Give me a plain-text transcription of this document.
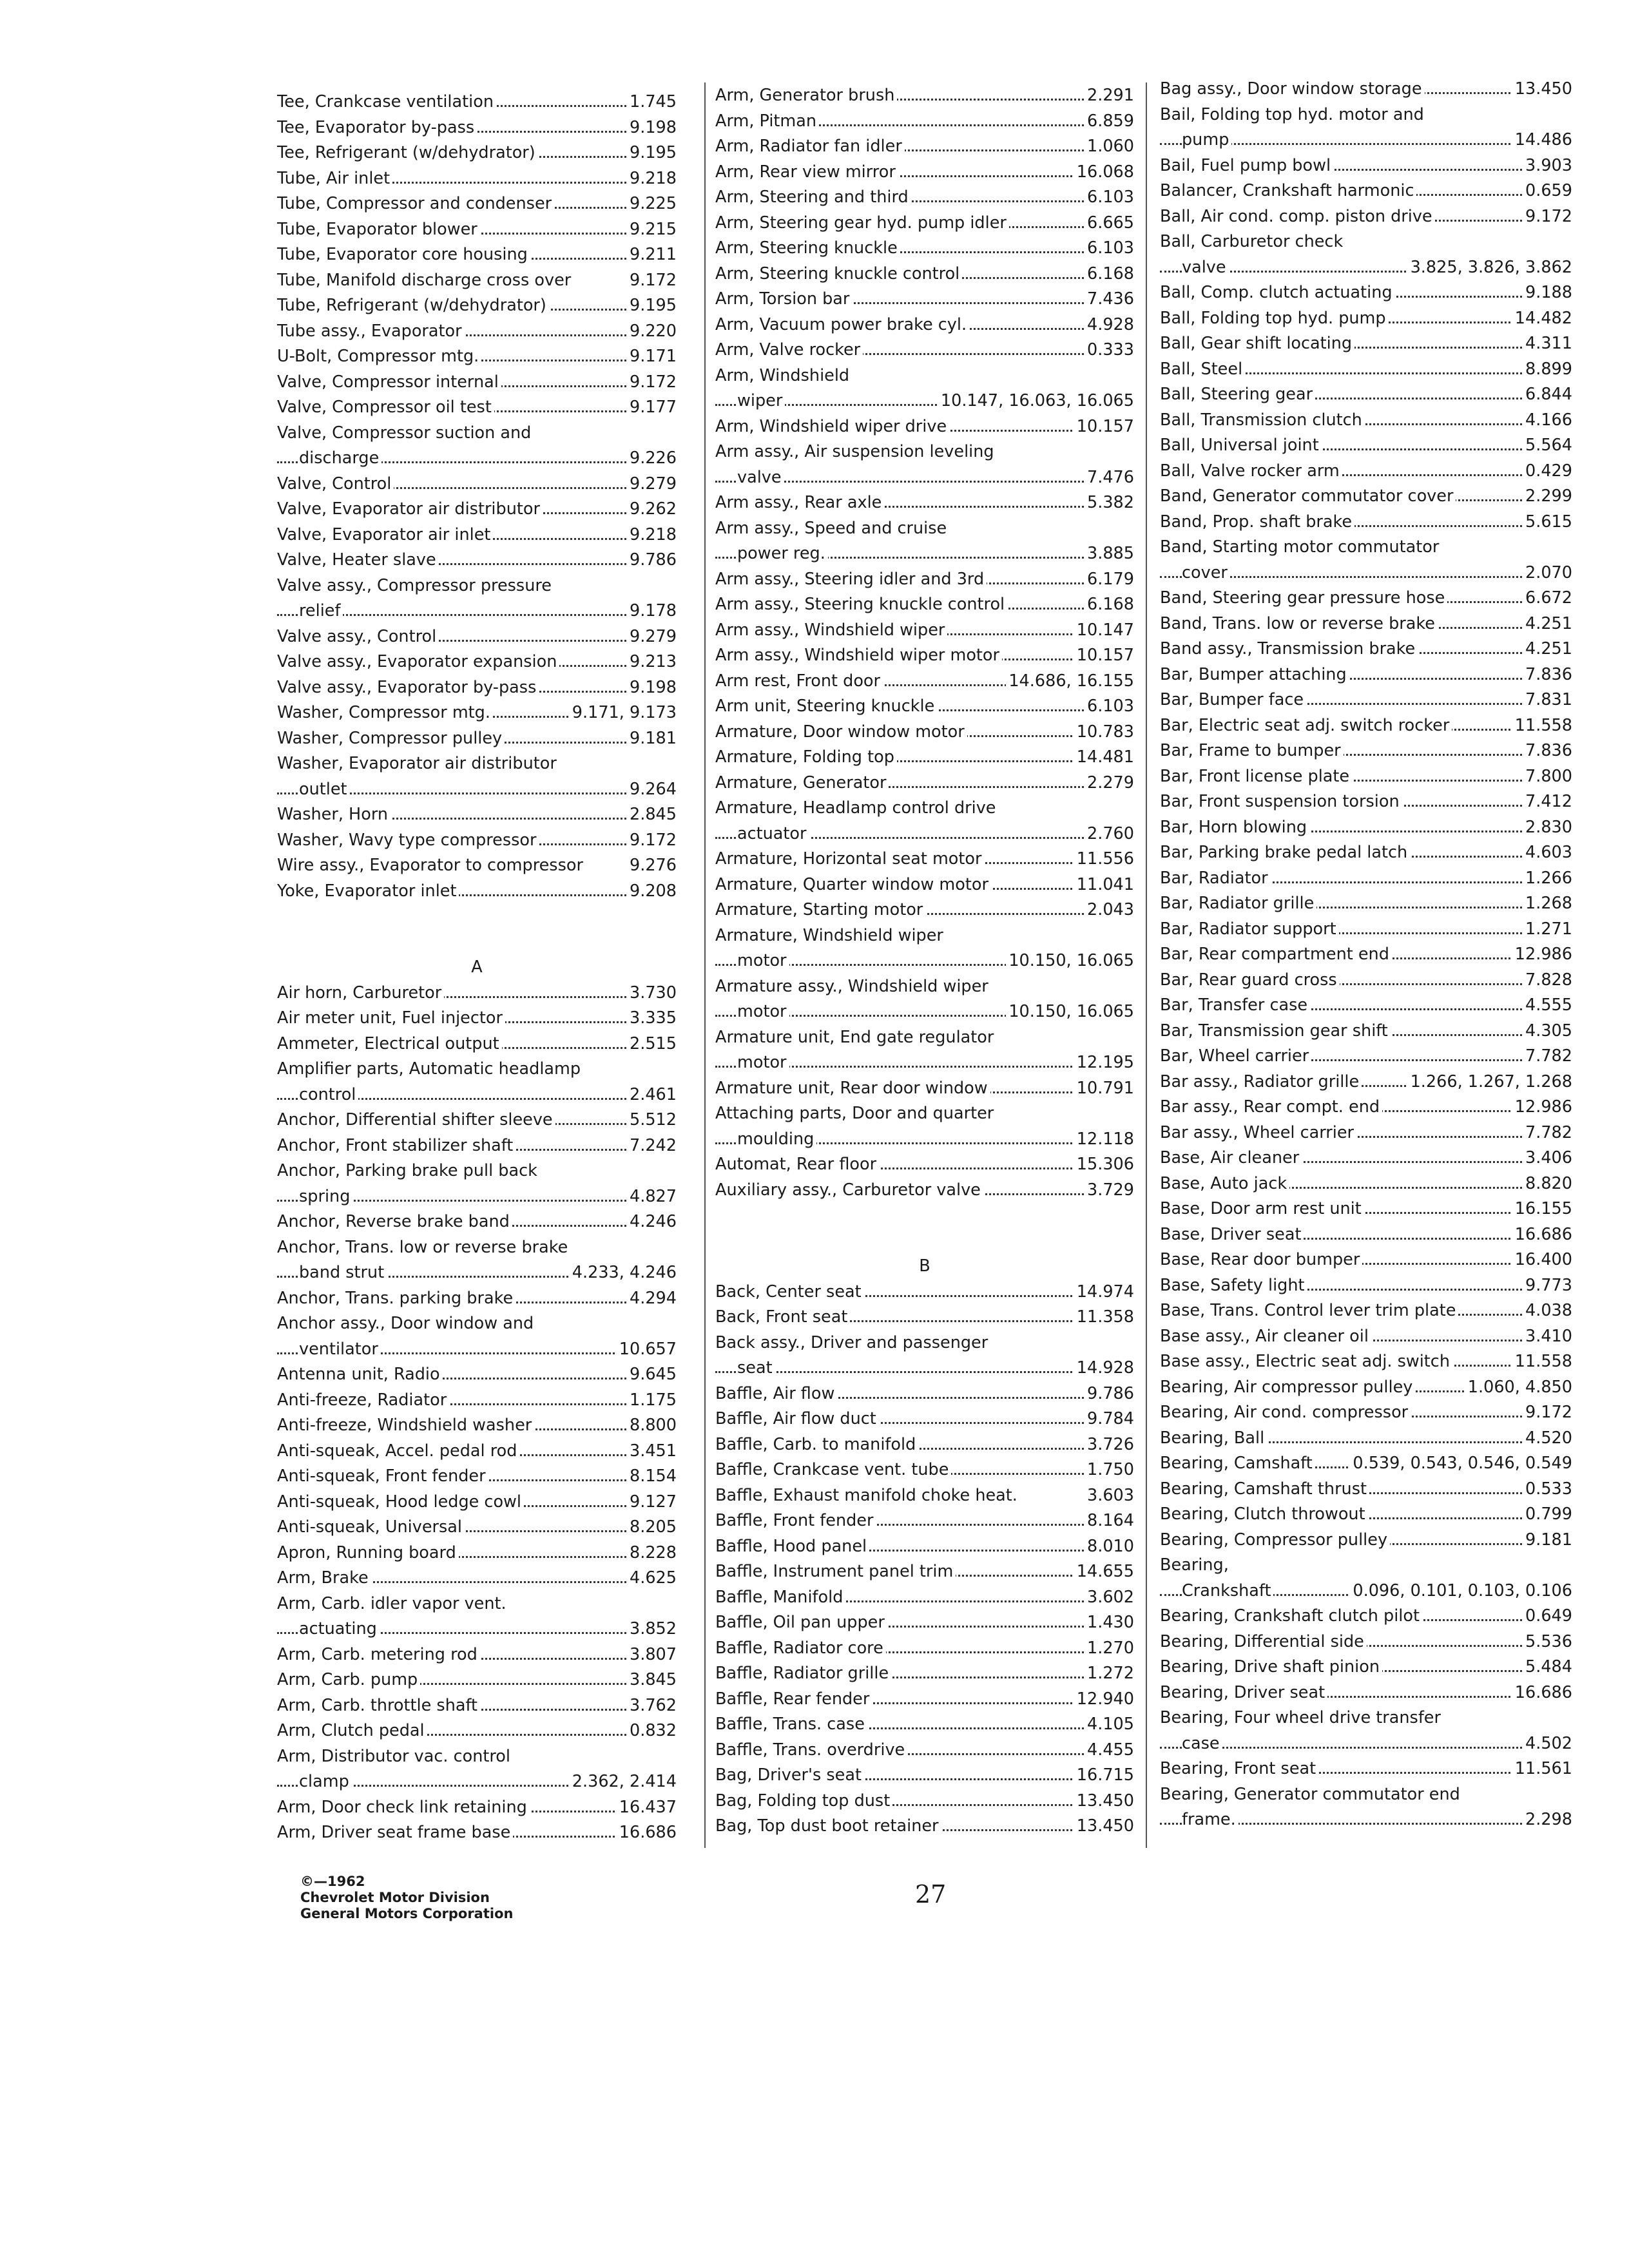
Tee, Crankcase ventilation	1.745
Tee, Evaporator by-pass	9.198
Tee, Refrigerant (w/dehydrator)	9.195
Tube, Air inlet	9.218
Tube, Compressor and condenser	9.225
Tube, Evaporator blower	9.215
Tube, Evaporator core housing	9.211
Tube, Manifold discharge cross over	9.172
Tube, Refrigerant (w/dehydrator)	9.195
Tube assy., Evaporator	9.220
U-Bolt, Compressor mtg.	9.171
Valve, Compressor internal	9.172
Valve, Compressor oil test	9.177
Valve, Compressor suction and
discharge	9.226
Valve, Control	9.279
Valve, Evaporator air distributor	9.262
Valve, Evaporator air inlet	9.218
Valve, Heater slave	9.786
Valve assy., Compressor pressure
relief	9.178
Valve assy., Control	9.279
Valve assy., Evaporator expansion	9.213
Valve assy., Evaporator by-pass	9.198
Washer, Compressor mtg.	9.171, 9.173
Washer, Compressor pulley	9.181
Washer, Evaporator air distributor
outlet	9.264
Washer, Horn	2.845
Washer, Wavy type compressor	9.172
Wire assy., Evaporator to compressor	9.276
Yoke, Evaporator inlet	9.208
A
Air horn, Carburetor	3.730
Air meter unit, Fuel injector	3.335
Ammeter, Electrical output	2.515
Amplifier parts, Automatic headlamp
control	2.461
Anchor, Differential shifter sleeve	5.512
Anchor, Front stabilizer shaft	7.242
Anchor, Parking brake pull back
spring	4.827
Anchor, Reverse brake band	4.246
Anchor, Trans. low or reverse brake
band strut	4.233, 4.246
Anchor, Trans. parking brake	4.294
Anchor assy., Door window and
ventilator	10.657
Antenna unit, Radio	9.645
Anti-freeze, Radiator	1.175
Anti-freeze, Windshield washer	8.800
Anti-squeak, Accel. pedal rod	3.451
Anti-squeak, Front fender	8.154
Anti-squeak, Hood ledge cowl	9.127
Anti-squeak, Universal	8.205
Apron, Running board	8.228
Arm, Brake	4.625
Arm, Carb. idler vapor vent.
actuating	3.852
Arm, Carb. metering rod	3.807
Arm, Carb. pump	3.845
Arm, Carb. throttle shaft	3.762
Arm, Clutch pedal	0.832
Arm, Distributor vac. control
clamp	2.362, 2.414
Arm, Door check link retaining	16.437
Arm, Driver seat frame base	16.686
Arm, Generator brush	2.291
Arm, Pitman	6.859
Arm, Radiator fan idler	1.060
Arm, Rear view mirror	16.068
Arm, Steering and third	6.103
Arm, Steering gear hyd. pump idler	6.665
Arm, Steering knuckle	6.103
Arm, Steering knuckle control	6.168
Arm, Torsion bar	7.436
Arm, Vacuum power brake cyl.	4.928
Arm, Valve rocker	0.333
Arm, Windshield
wiper	10.147, 16.063, 16.065
Arm, Windshield wiper drive	10.157
Arm assy., Air suspension leveling
valve	7.476
Arm assy., Rear axle	5.382
Arm assy., Speed and cruise
power reg.	3.885
Arm assy., Steering idler and 3rd	6.179
Arm assy., Steering knuckle control	6.168
Arm assy., Windshield wiper	10.147
Arm assy., Windshield wiper motor	10.157
Arm rest, Front door	14.686, 16.155
Arm unit, Steering knuckle	6.103
Armature, Door window motor	10.783
Armature, Folding top	14.481
Armature, Generator	2.279
Armature, Headlamp control drive
actuator	2.760
Armature, Horizontal seat motor	11.556
Armature, Quarter window motor	11.041
Armature, Starting motor	2.043
Armature, Windshield wiper
motor	10.150, 16.065
Armature assy., Windshield wiper
motor	10.150, 16.065
Armature unit, End gate regulator
motor	12.195
Armature unit, Rear door window	10.791
Attaching parts, Door and quarter
moulding	12.118
Automat, Rear floor	15.306
Auxiliary assy., Carburetor valve	3.729
B
Back, Center seat	14.974
Back, Front seat	11.358
Back assy., Driver and passenger
seat	14.928
Baffle, Air flow	9.786
Baffle, Air flow duct	9.784
Baffle, Carb. to manifold	3.726
Baffle, Crankcase vent. tube	1.750
Baffle, Exhaust manifold choke heat.	3.603
Baffle, Front fender	8.164
Baffle, Hood panel	8.010
Baffle, Instrument panel trim	14.655
Baffle, Manifold	3.602
Baffle, Oil pan upper	1.430
Baffle, Radiator core	1.270
Baffle, Radiator grille	1.272
Baffle, Rear fender	12.940
Baffle, Trans. case	4.105
Baffle, Trans. overdrive	4.455
Bag, Driver's seat	16.715
Bag, Folding top dust	13.450
Bag, Top dust boot retainer	13.450
Bag assy., Door window storage	13.450
Bail, Folding top hyd. motor and
pump	14.486
Bail, Fuel pump bowl	3.903
Balancer, Crankshaft harmonic	0.659
Ball, Air cond. comp. piston drive	9.172
Ball, Carburetor check
valve	3.825, 3.826, 3.862
Ball, Comp. clutch actuating	9.188
Ball, Folding top hyd. pump	14.482
Ball, Gear shift locating	4.311
Ball, Steel	8.899
Ball, Steering gear	6.844
Ball, Transmission clutch	4.166
Ball, Universal joint	5.564
Ball, Valve rocker arm	0.429
Band, Generator commutator cover	2.299
Band, Prop. shaft brake	5.615
Band, Starting motor commutator
cover	2.070
Band, Steering gear pressure hose	6.672
Band, Trans. low or reverse brake	4.251
Band assy., Transmission brake	4.251
Bar, Bumper attaching	7.836
Bar, Bumper face	7.831
Bar, Electric seat adj. switch rocker	11.558
Bar, Frame to bumper	7.836
Bar, Front license plate	7.800
Bar, Front suspension torsion	7.412
Bar, Horn blowing	2.830
Bar, Parking brake pedal latch	4.603
Bar, Radiator	1.266
Bar, Radiator grille	1.268
Bar, Radiator support	1.271
Bar, Rear compartment end	12.986
Bar, Rear guard cross	7.828
Bar, Transfer case	4.555
Bar, Transmission gear shift	4.305
Bar, Wheel carrier	7.782
Bar assy., Radiator grille	1.266, 1.267, 1.268
Bar assy., Rear compt. end	12.986
Bar assy., Wheel carrier	7.782
Base, Air cleaner	3.406
Base, Auto jack	8.820
Base, Door arm rest unit	16.155
Base, Driver seat	16.686
Base, Rear door bumper	16.400
Base, Safety light	9.773
Base, Trans. Control lever trim plate	4.038
Base assy., Air cleaner oil	3.410
Base assy., Electric seat adj. switch	11.558
Bearing, Air compressor pulley	1.060, 4.850
Bearing, Air cond. compressor	9.172
Bearing, Ball	4.520
Bearing, Camshaft 0.539, 0.543, 0.546, 0.549
Bearing, Camshaft thrust	0.533
Bearing, Clutch throwout	0.799
Bearing, Compressor pulley	9.181
Bearing,
Crankshaft	0.096, 0.101, 0.103, 0.106
Bearing, Crankshaft clutch pilot	0.649
Bearing, Differential side	5.536
Bearing, Drive shaft pinion	5.484
Bearing, Driver seat	16.686
Bearing, Four wheel drive transfer
case	4.502
Bearing, Front seat	11.561
Bearing, Generator commutator end
frame.	2.298
©—1962
Chevrolet Motor Division
General Motors Corporation
27
